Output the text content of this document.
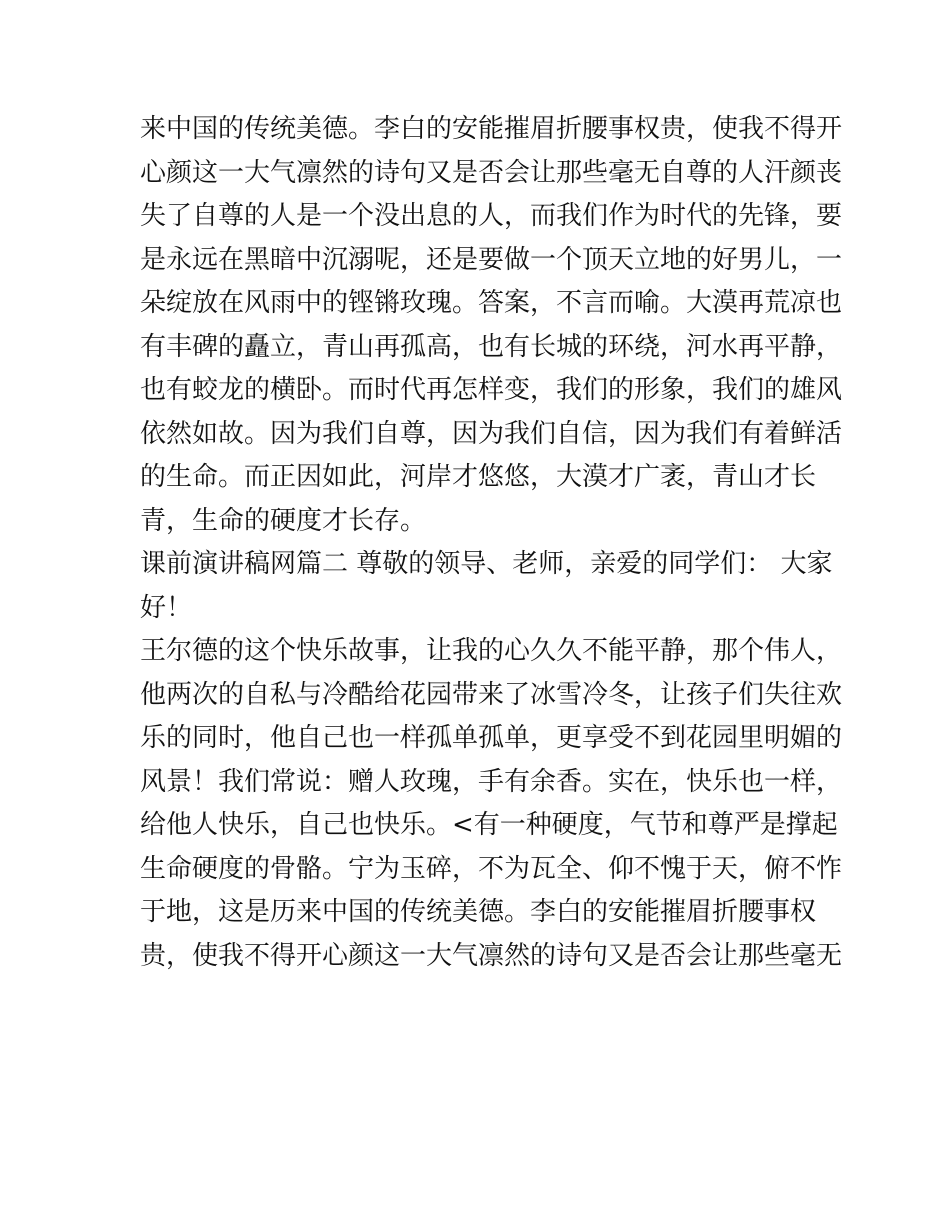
来中国的传统美德。李白的安能摧眉折腰事权贵，使我不得开
心颜这一大气凛然的诗句又是否会让那些毫无自尊的人汗颜丧
失了自尊的人是一个没出息的人，而我们作为时代的先锋，要
是永远在黑暗中沉溺呢，还是要做一个顶天立地的好男儿，一
朵绽放在风雨中的铿锵玫瑰。答案，不言而喻。大漠再荒凉也
有丰碑的矗立，青山再孤高，也有长城的环绕，河水再平静，
也有蛟龙的横卧。而时代再怎样变，我们的形象，我们的雄风
依然如故。因为我们自尊，因为我们自信，因为我们有着鲜活
的生命。而正因如此，河岸才悠悠，大漠才广袤，青山才长
青，生命的硬度才长存。

课前演讲稿网篇二 尊敬的领导、老师，亲爱的同学们： 大家
好！

王尔德的这个快乐故事，让我的心久久不能平静，那个伟人，
他两次的自私与冷酷给花园带来了冰雪冷冬，让孩子们失往欢
乐的同时，他自己也一样孤单孤单，更享受不到花园里明媚的
风景！我们常说：赠人玫瑰，手有余香。实在，快乐也一样，
给他人快乐，自己也快乐。<有一种硬度，气节和尊严是撑起
生命硬度的骨骼。宁为玉碎，不为瓦全、仰不愧于天，俯不怍
于地，这是历来中国的传统美德。李白的安能摧眉折腰事权
贵，使我不得开心颜这一大气凛然的诗句又是否会让那些毫无
